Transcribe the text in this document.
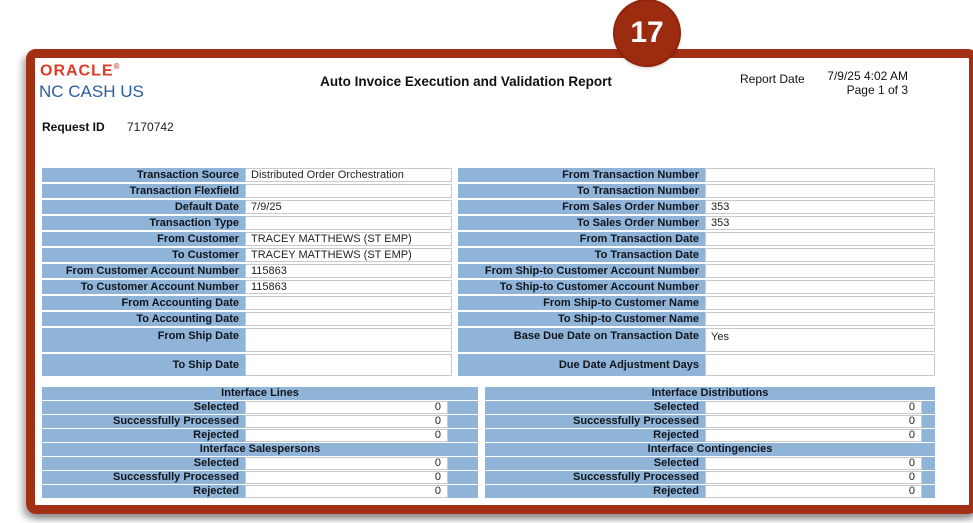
ORACLE®
NC CASH US
Auto Invoice Execution and Validation Report	Report Date	7/9/25 4:02 AM
Page 1 of 3
Request ID 7170742
Transaction Source	Distributed Order Orchestration
Transaction Flexfield
Default Date	7/9/25
Transaction Type
From Customer	TRACEY MATTHEWS (ST EMP)
To Customer	TRACEY MATTHEWS (ST EMP)
From Customer Account Number	115863
To Customer Account Number	115863
From Accounting Date
To Accounting Date
From Ship Date
To Ship Date
From Transaction Number
To Transaction Number
From Sales Order Number	353
To Sales Order Number	353
From Transaction Date
To Transaction Date
From Ship-to Customer Account Number
To Ship-to Customer Account Number
From Ship-to Customer Name
To Ship-to Customer Name
Base Due Date on Transaction Date	Yes
Due Date Adjustment Days
Interface Lines
Selected	0
Successfully Processed	0
Rejected	0
Interface Salespersons
Selected	0
Successfully Processed	0
Rejected	0
Interface Distributions
Selected	0
Successfully Processed	0
Rejected	0
Interface Contingencies
Selected	0
Successfully Processed	0
Rejected	0
17
